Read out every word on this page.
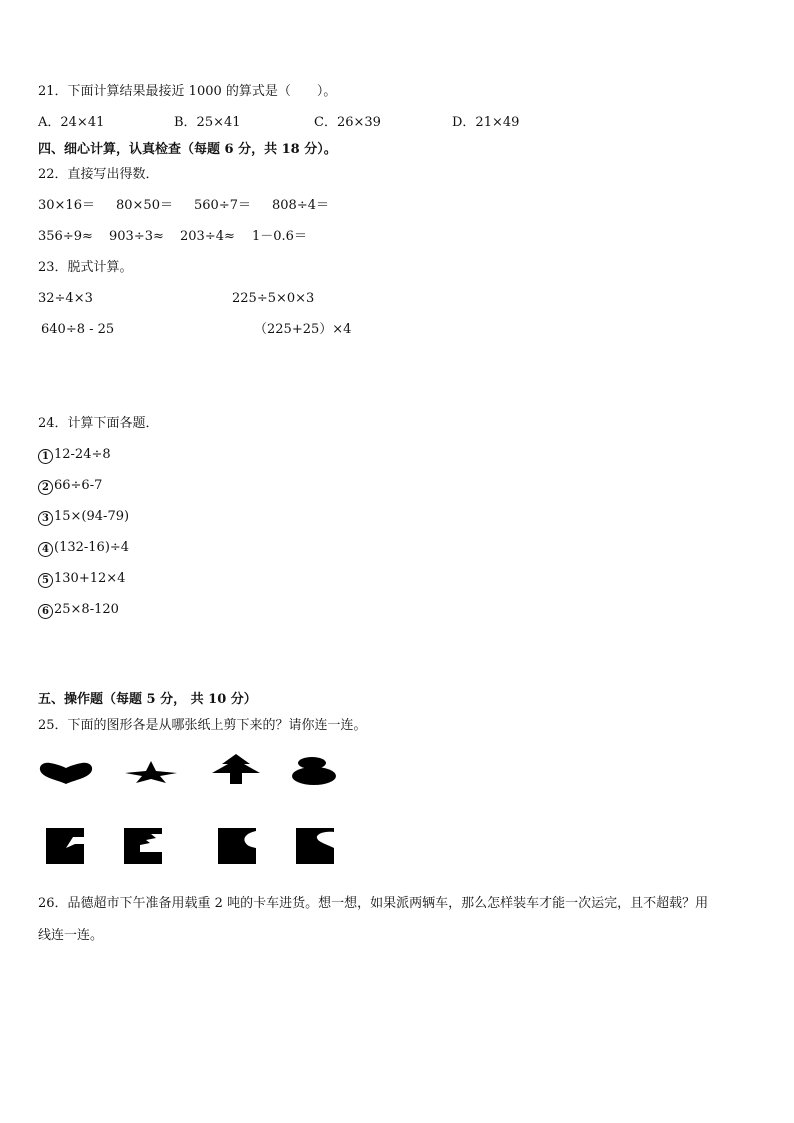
21．下面计算结果最接近 1000 的算式是（　　）。
A．24×41	B．25×41	C．26×39	D．21×49
四、细心计算，认真检查（每题 6 分，共 18 分）。
22．直接写出得数．
30×16＝ 80×50＝ 560÷7＝ 808÷4＝
356÷9≈ 903÷3≈ 203÷4≈ 1－0.6＝
23．脱式计算。
32÷4×3	225÷5×0×3
640÷8 - 25	（225+25）×4
24．计算下面各题．
1 12-24÷8
2 66÷6-7
3 15×(94-79)
4 (132-16)÷4
5 130+12×4
6 25×8-120
五、操作题（每题 5 分， 共 10 分）
25．下面的图形各是从哪张纸上剪下来的？请你连一连。
26．品德超市下午准备用载重 2 吨的卡车进货。想一想，如果派两辆车，那么怎样装车才能一次运完，且不超载？用
线连一连。
